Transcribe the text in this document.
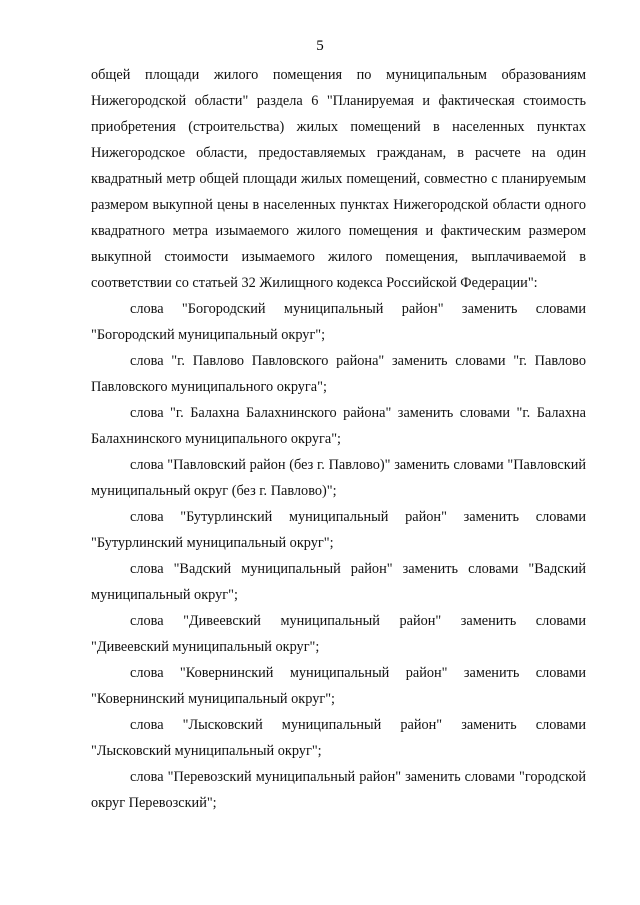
5

общей площади жилого помещения по муниципальным образованиям Нижегородской области" раздела 6 "Планируемая и фактическая стоимость приобретения (строительства) жилых помещений в населенных пунктах Нижегородское области, предоставляемых гражданам, в расчете на один квадратный метр общей площади жилых помещений, совместно с планируемым размером выкупной цены в населенных пунктах Нижегородской области одного квадратного метра изымаемого жилого помещения и фактическим размером выкупной стоимости изымаемого жилого помещения, выплачиваемой в соответствии со статьей 32 Жилищного кодекса Российской Федерации":

слова "Богородский муниципальный район" заменить словами "Богородский муниципальный округ";

слова "г. Павлово Павловского района" заменить словами "г. Павлово Павловского муниципального округа";

слова "г. Балахна Балахнинского района" заменить словами "г. Балахна Балахнинского муниципального округа";

слова "Павловский район (без г. Павлово)" заменить словами "Павловский муниципальный округ (без г. Павлово)";

слова "Бутурлинский муниципальный район" заменить словами "Бутурлинский муниципальный округ";

слова "Вадский муниципальный район" заменить словами "Вадский муниципальный округ";

слова "Дивеевский муниципальный район" заменить словами "Дивеевский муниципальный округ";

слова "Ковернинский муниципальный район" заменить словами "Ковернинский муниципальный округ";

слова "Лысковский муниципальный район" заменить словами "Лысковский муниципальный округ";

слова "Перевозский муниципальный район" заменить словами "городской округ Перевозский";
